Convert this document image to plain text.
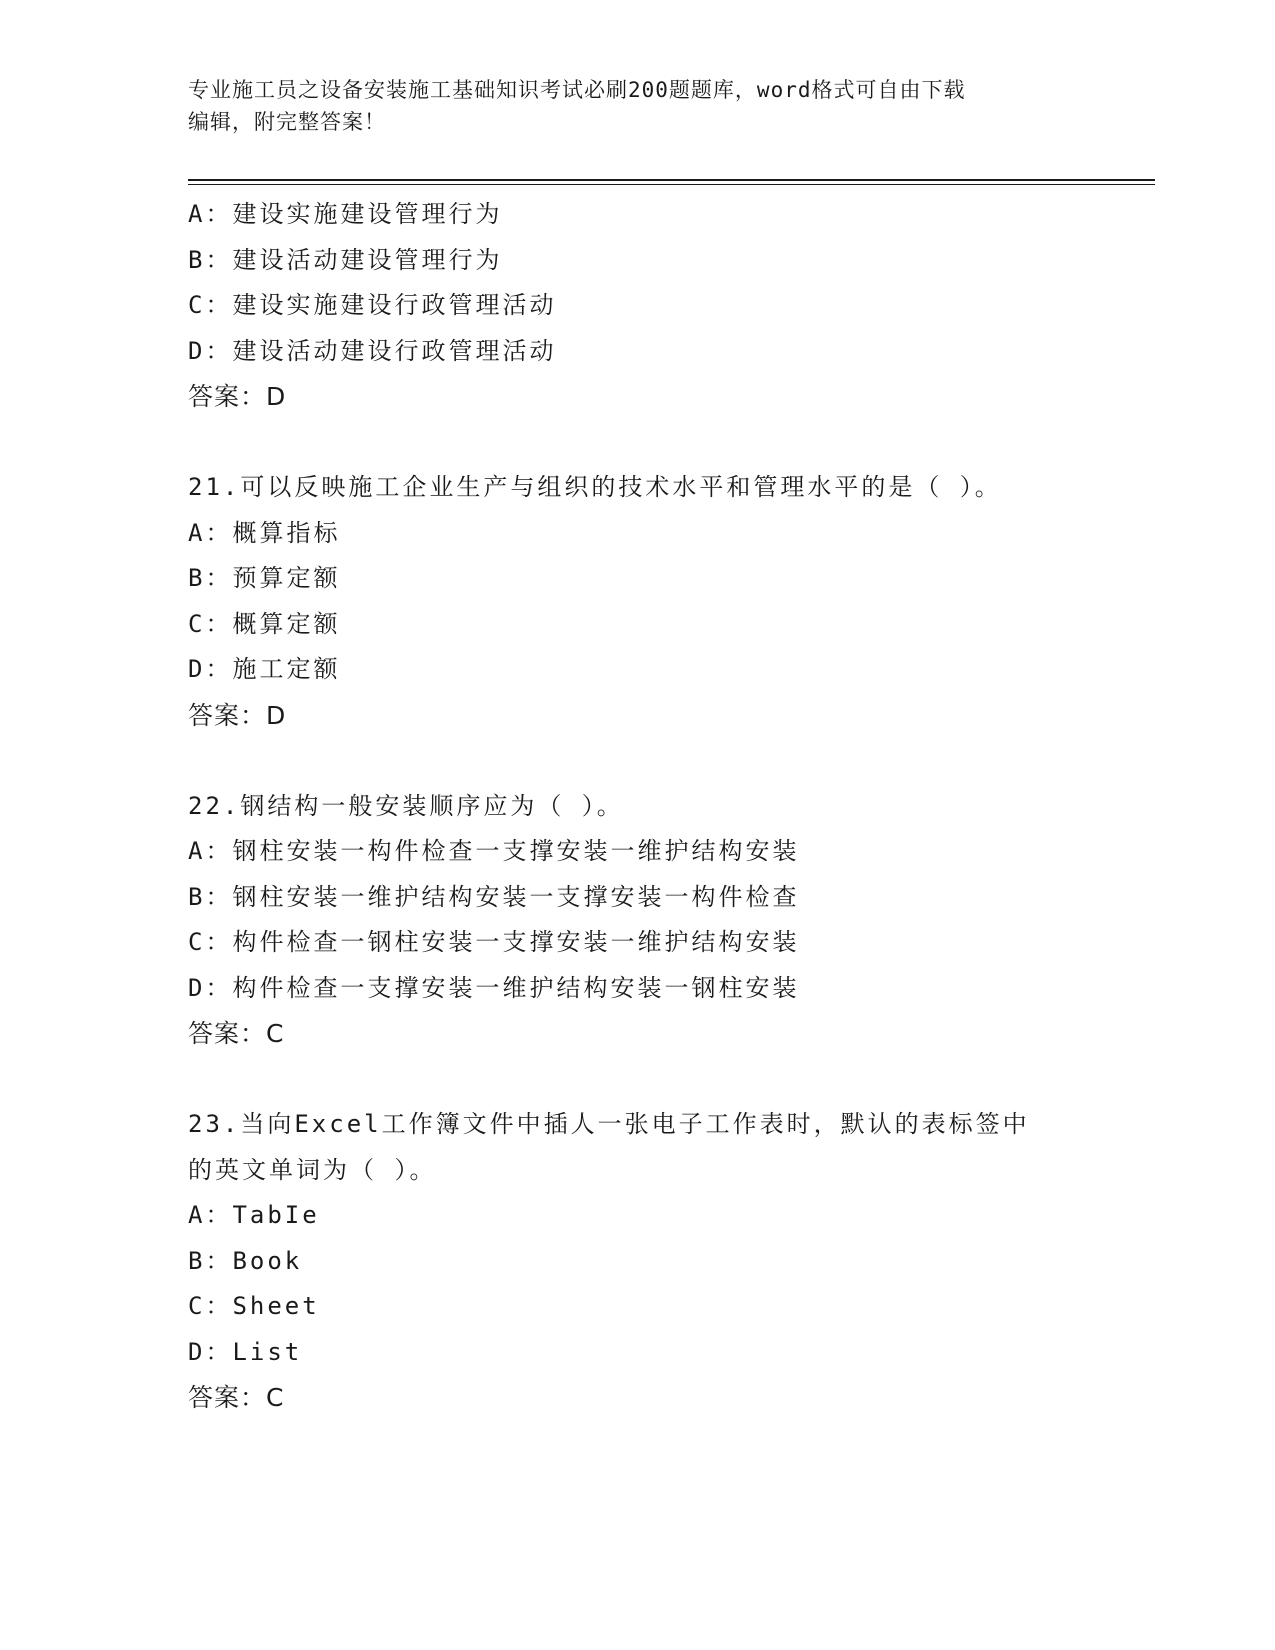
专业施工员之设备安装施工基础知识考试必刷200题题库，word格式可自由下载
编辑，附完整答案！
A：建设实施建设管理行为
B：建设活动建设管理行为
C：建设实施建设行政管理活动
D：建设活动建设行政管理活动
答案：D
21.可以反映施工企业生产与组织的技术水平和管理水平的是（ ）。
A：概算指标
B：预算定额
C：概算定额
D：施工定额
答案：D
22.钢结构一般安装顺序应为（ ）。
A：钢柱安装一构件检查一支撑安装一维护结构安装
B：钢柱安装一维护结构安装一支撑安装一构件检查
C：构件检查一钢柱安装一支撑安装一维护结构安装
D：构件检查一支撑安装一维护结构安装一钢柱安装
答案：C
23.当向Excel工作簿文件中插人一张电子工作表时，默认的表标签中
的英文单词为（ ）。
A：TabIe
B：Book
C：Sheet
D：List
答案：C
